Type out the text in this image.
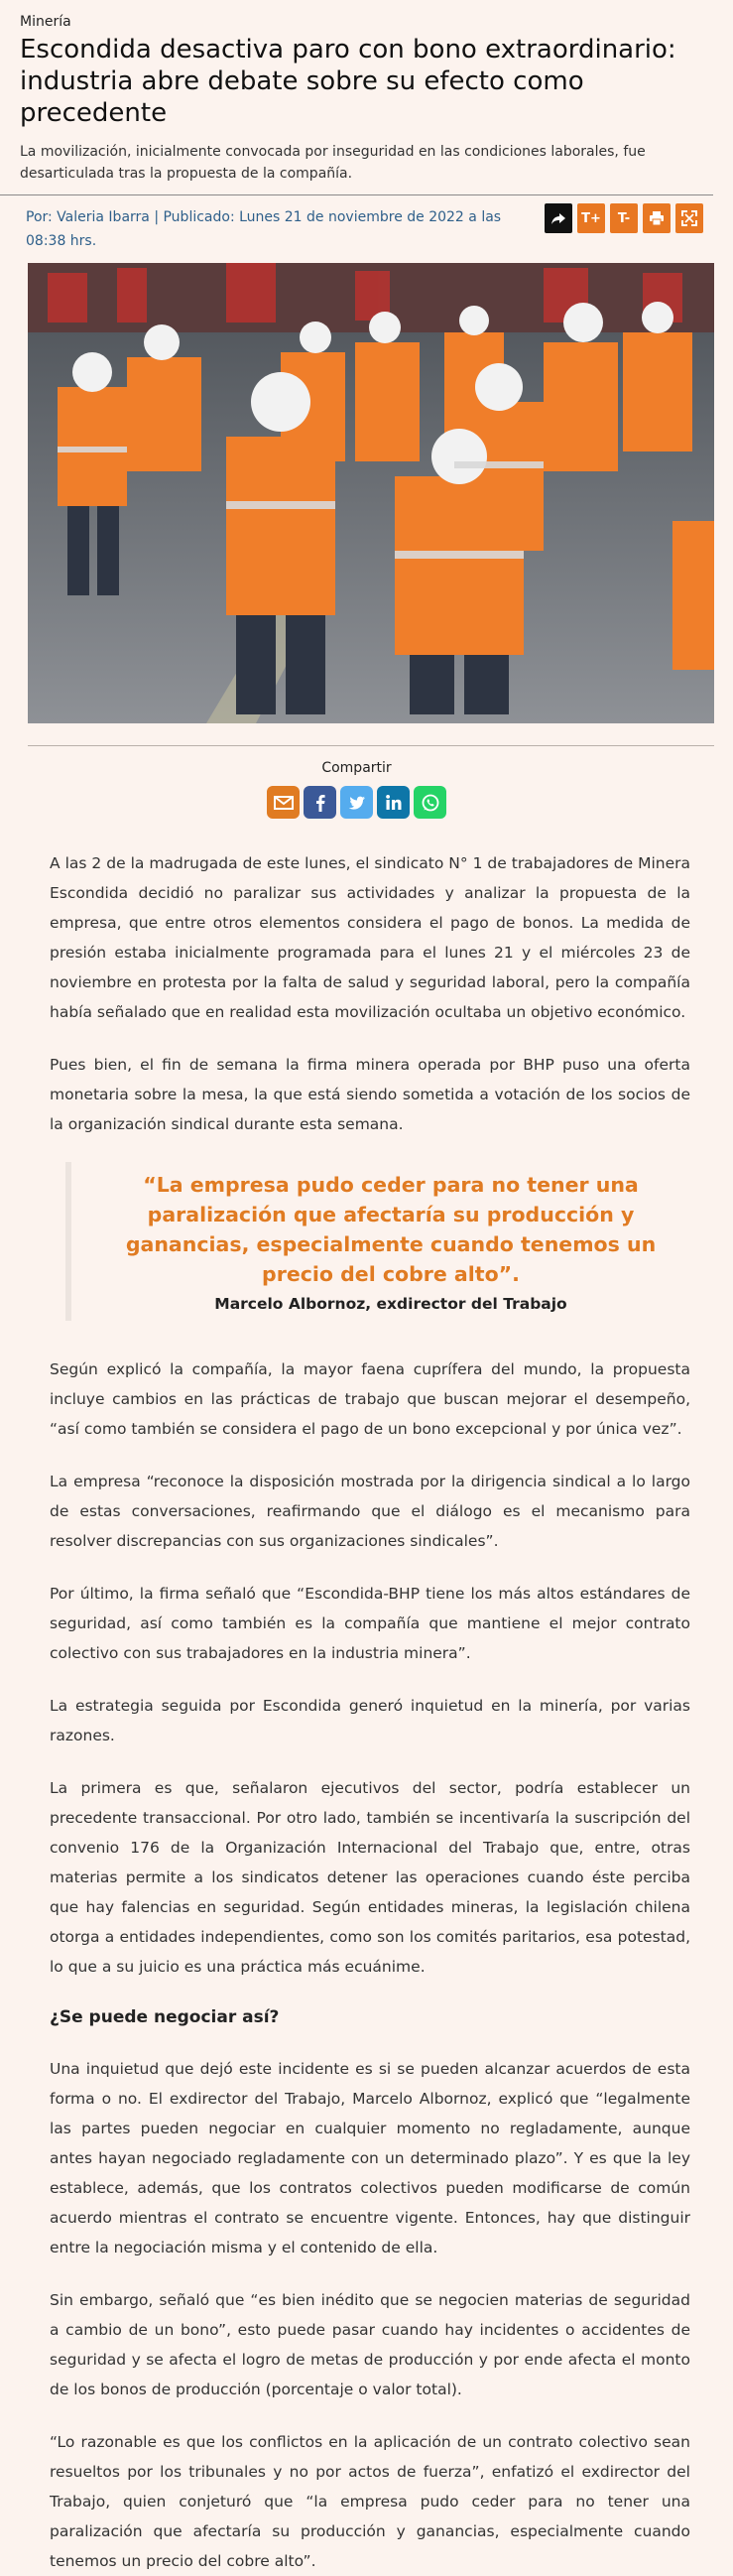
Minería
Escondida desactiva paro con bono extraordinario: industria abre debate sobre su efecto como precedente

La movilización, inicialmente convocada por inseguridad en las condiciones laborales, fue desarticulada tras la propuesta de la compañía.

Por: Valeria Ibarra | Publicado: Lunes 21 de noviembre de 2022 a las 08:38 hrs.
T+	T-
Compartir

A las 2 de la madrugada de este lunes, el sindicato N° 1 de trabajadores de Minera Escondida decidió no paralizar sus actividades y analizar la propuesta de la empresa, que entre otros elementos considera el pago de bonos. La medida de presión estaba inicialmente programada para el lunes 21 y el miércoles 23 de noviembre en protesta por la falta de salud y seguridad laboral, pero la compañía había señalado que en realidad esta movilización ocultaba un objetivo económico.

Pues bien, el fin de semana la firma minera operada por BHP puso una oferta monetaria sobre la mesa, la que está siendo sometida a votación de los socios de la organización sindical durante esta semana.

“La empresa pudo ceder para no tener una paralización que afectaría su producción y ganancias, especialmente cuando tenemos un precio del cobre alto”.
Marcelo Albornoz, exdirector del Trabajo

Según explicó la compañía, la mayor faena cuprífera del mundo, la propuesta incluye cambios en las prácticas de trabajo que buscan mejorar el desempeño, “así como también se considera el pago de un bono excepcional y por única vez”.

La empresa “reconoce la disposición mostrada por la dirigencia sindical a lo largo de estas conversaciones, reafirmando que el diálogo es el mecanismo para resolver discrepancias con sus organizaciones sindicales”.

Por último, la firma señaló que “Escondida-BHP tiene los más altos estándares de seguridad, así como también es la compañía que mantiene el mejor contrato colectivo con sus trabajadores en la industria minera”.

La estrategia seguida por Escondida generó inquietud en la minería, por varias razones.

La primera es que, señalaron ejecutivos del sector, podría establecer un precedente transaccional. Por otro lado, también se incentivaría la suscripción del convenio 176 de la Organización Internacional del Trabajo que, entre, otras materias permite a los sindicatos detener las operaciones cuando éste perciba que hay falencias en seguridad. Según entidades mineras, la legislación chilena otorga a entidades independientes, como son los comités paritarios, esa potestad, lo que a su juicio es una práctica más ecuánime.

¿Se puede negociar así?

Una inquietud que dejó este incidente es si se pueden alcanzar acuerdos de esta forma o no. El exdirector del Trabajo, Marcelo Albornoz, explicó que “legalmente las partes pueden negociar en cualquier momento no regladamente, aunque antes hayan negociado regladamente con un determinado plazo”. Y es que la ley establece, además, que los contratos colectivos pueden modificarse de común acuerdo mientras el contrato se encuentre vigente. Entonces, hay que distinguir entre la negociación misma y el contenido de ella.

Sin embargo, señaló que “es bien inédito que se negocien materias de seguridad a cambio de un bono”, esto puede pasar cuando hay incidentes o accidentes de seguridad y se afecta el logro de metas de producción y por ende afecta el monto de los bonos de producción (porcentaje o valor total).

“Lo razonable es que los conflictos en la aplicación de un contrato colectivo sean resueltos por los tribunales y no por actos de fuerza”, enfatizó el exdirector del Trabajo, quien conjeturó que “la empresa pudo ceder para no tener una paralización que afectaría su producción y ganancias, especialmente cuando tenemos un precio del cobre alto”.
